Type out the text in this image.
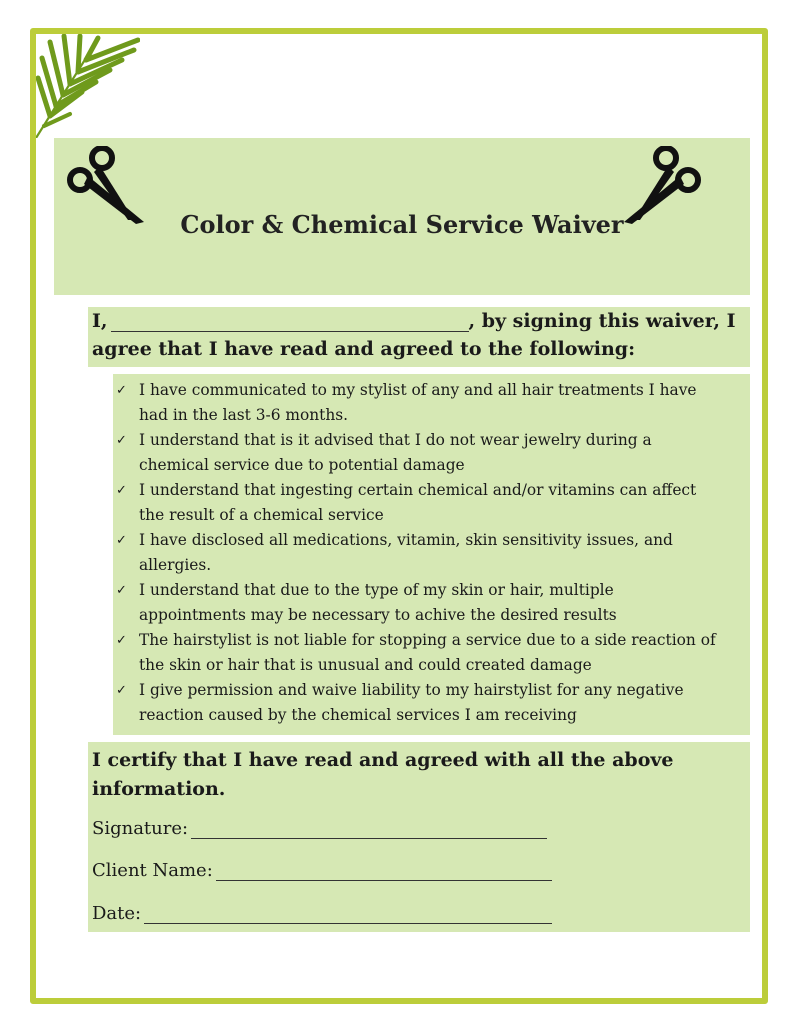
Color & Chemical Service Waiver
I,	, by signing this waiver, I
agree that I have read and agreed to the following:
✓ I have communicated to my stylist of any and all hair treatments I have
had in the last 3-6 months.
✓ I understand that is it advised that I do not wear jewelry during a
chemical service due to potential damage
✓ I understand that ingesting certain chemical and/or vitamins can affect
the result of a chemical service
✓ I have disclosed all medications, vitamin, skin sensitivity issues, and
allergies.
✓ I understand that due to the type of my skin or hair, multiple
appointments may be necessary to achive the desired results
✓ The hairstylist is not liable for stopping a service due to a side reaction of
the skin or hair that is unusual and could created damage
✓ I give permission and waive liability to my hairstylist for any negative
reaction caused by the chemical services I am receiving
I certify that I have read and agreed with all the above information.
Signature:
Client Name:
Date:
